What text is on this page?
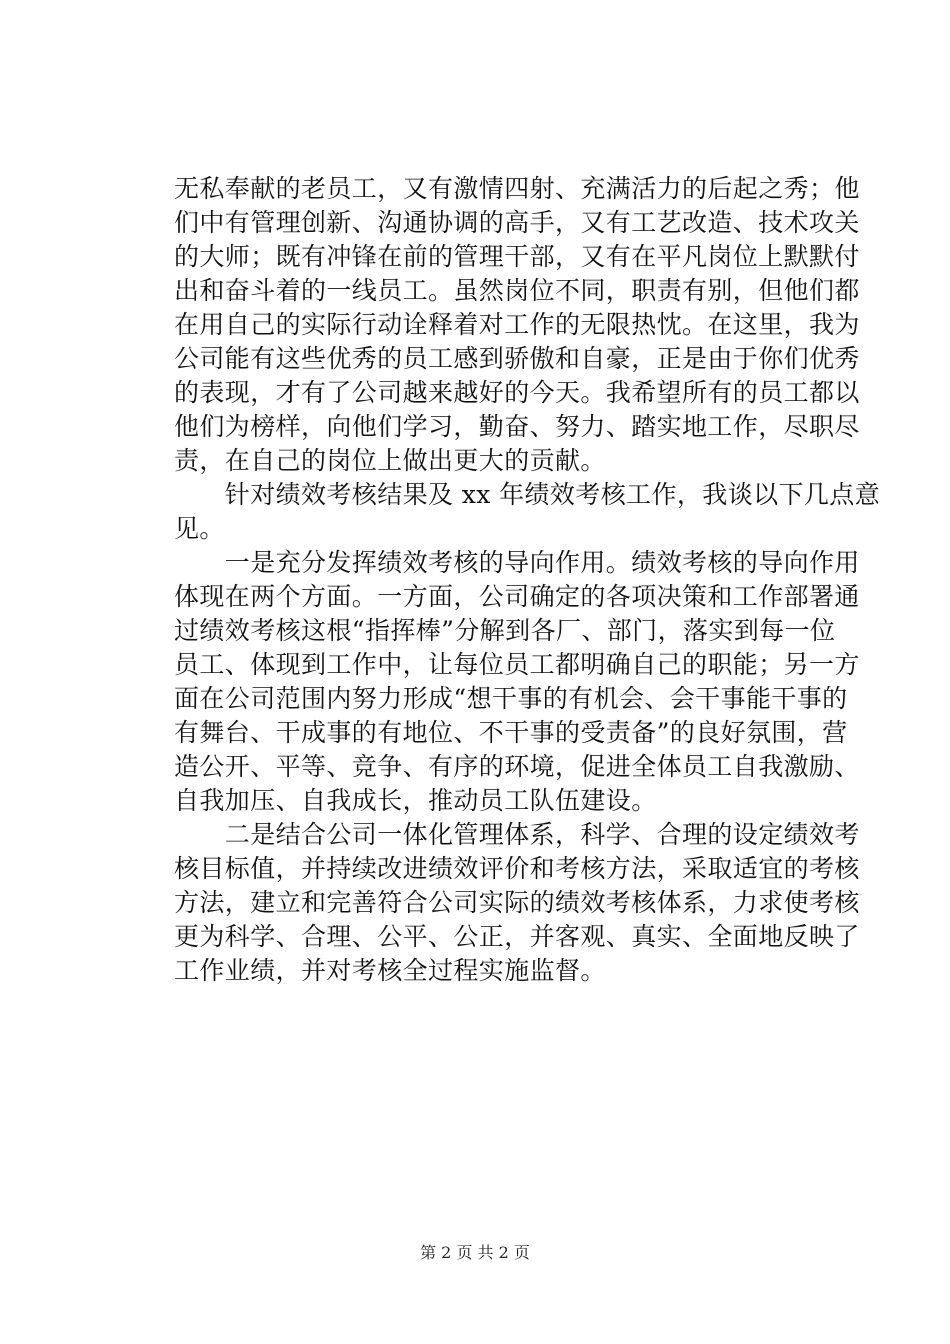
无私奉献的老员工，又有激情四射、充满活力的后起之秀；他
们中有管理创新、沟通协调的高手，又有工艺改造、技术攻关
的大师；既有冲锋在前的管理干部，又有在平凡岗位上默默付
出和奋斗着的一线员工。虽然岗位不同，职责有别，但他们都
在用自己的实际行动诠释着对工作的无限热忱。在这里，我为
公司能有这些优秀的员工感到骄傲和自豪，正是由于你们优秀
的表现，才有了公司越来越好的今天。我希望所有的员工都以
他们为榜样，向他们学习，勤奋、努力、踏实地工作，尽职尽
责，在自己的岗位上做出更大的贡献。
　　针对绩效考核结果及 xx 年绩效考核工作，我谈以下几点意
见。
　　一是充分发挥绩效考核的导向作用。绩效考核的导向作用
体现在两个方面。一方面，公司确定的各项决策和工作部署通
过绩效考核这根“指挥棒”分解到各厂、部门，落实到每一位
员工、体现到工作中，让每位员工都明确自己的职能；另一方
面在公司范围内努力形成“想干事的有机会、会干事能干事的
有舞台、干成事的有地位、不干事的受责备”的良好氛围，营
造公开、平等、竞争、有序的环境，促进全体员工自我激励、
自我加压、自我成长，推动员工队伍建设。
　　二是结合公司一体化管理体系，科学、合理的设定绩效考
核目标值，并持续改进绩效评价和考核方法，采取适宜的考核
方法，建立和完善符合公司实际的绩效考核体系，力求使考核
更为科学、合理、公平、公正，并客观、真实、全面地反映了
工作业绩，并对考核全过程实施监督。
第 2 页 共 2 页
